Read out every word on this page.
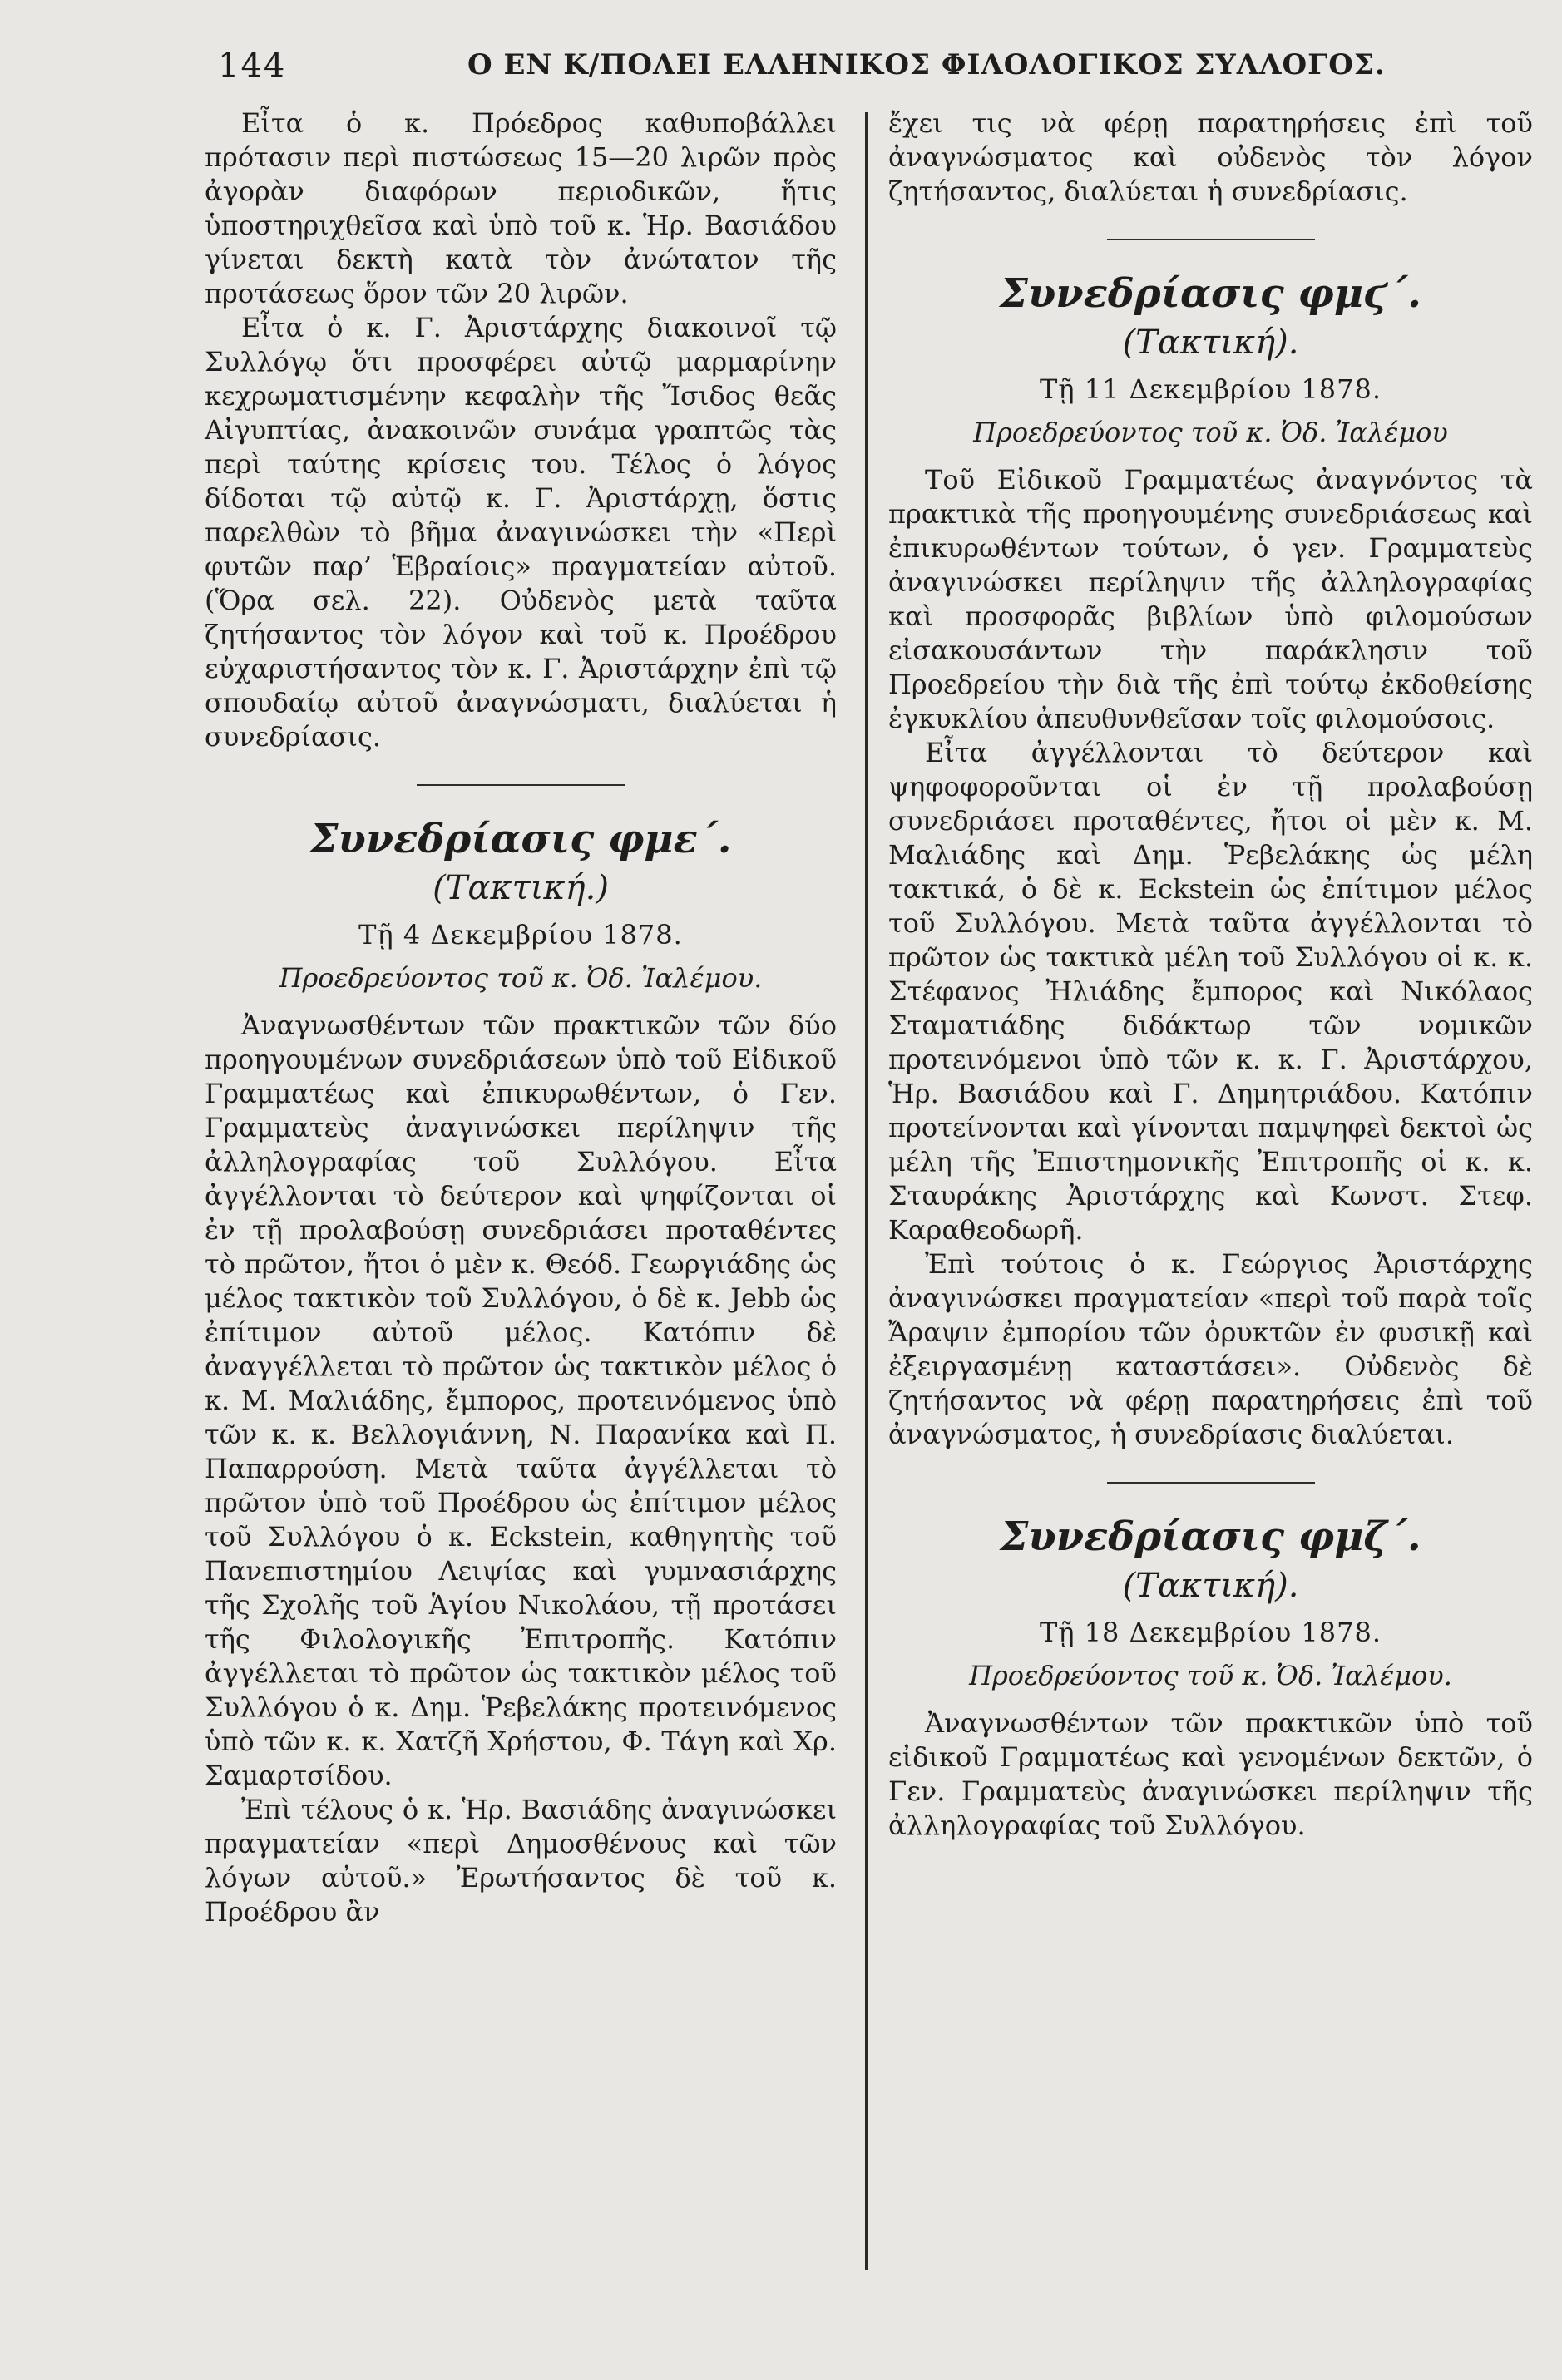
144	Ο ΕΝ Κ/ΠΟΛΕΙ ΕΛΛΗΝΙΚΟΣ ΦΙΛΟΛΟΓΙΚΟΣ ΣΥΛΛΟΓΟΣ.

Εἶτα ὁ κ. Πρόεδρος καθυποβάλλει πρότασιν περὶ πιστώσεως 15—20 λιρῶν πρὸς ἀγορὰν διαφόρων περιοδικῶν, ἥτις ὑποστηριχθεῖσα καὶ ὑπὸ τοῦ κ. Ἡρ. Βασιάδου γίνεται δεκτὴ κατὰ τὸν ἀνώτατον τῆς προτάσεως ὅρον τῶν 20 λιρῶν.

Εἶτα ὁ κ. Γ. Ἀριστάρχης διακοινοῖ τῷ Συλλόγῳ ὅτι προσφέρει αὐτῷ μαρμαρίνην κεχρωματισμένην κεφαλὴν τῆς Ἴσιδος θεᾶς Αἰγυπτίας, ἀνακοινῶν συνάμα γραπτῶς τὰς περὶ ταύτης κρίσεις του. Τέλος ὁ λόγος δίδοται τῷ αὐτῷ κ. Γ. Ἀριστάρχῃ, ὅστις παρελθὼν τὸ βῆμα ἀναγινώσκει τὴν «Περὶ φυτῶν παρ’ Ἑβραίοις» πραγματείαν αὐτοῦ. (Ὅρα σελ. 22). Οὐδενὸς μετὰ ταῦτα ζητήσαντος τὸν λόγον καὶ τοῦ κ. Προέδρου εὐχαριστήσαντος τὸν κ. Γ. Ἀριστάρχην ἐπὶ τῷ σπουδαίῳ αὐτοῦ ἀναγνώσματι, διαλύεται ἡ συνεδρίασις.

Συνεδρίασις φμε΄.
(Τακτική.)
Τῇ 4 Δεκεμβρίου 1878.
Προεδρεύοντος τοῦ κ. Ὀδ. Ἰαλέμου.

Ἀναγνωσθέντων τῶν πρακτικῶν τῶν δύο προηγουμένων συνεδριάσεων ὑπὸ τοῦ Εἰδικοῦ Γραμματέως καὶ ἐπικυρωθέντων, ὁ Γεν. Γραμματεὺς ἀναγινώσκει περίληψιν τῆς ἀλληλογραφίας τοῦ Συλλόγου. Εἶτα ἀγγέλλονται τὸ δεύτερον καὶ ψηφίζονται οἱ ἐν τῇ προλαβούσῃ συνεδριάσει προταθέντες τὸ πρῶτον, ἤτοι ὁ μὲν κ. Θεόδ. Γεωργιάδης ὡς μέλος τακτικὸν τοῦ Συλλόγου, ὁ δὲ κ. Jebb ὡς ἐπίτιμον αὐτοῦ μέλος. Κατόπιν δὲ ἀναγγέλλεται τὸ πρῶτον ὡς τακτικὸν μέλος ὁ κ. Μ. Μαλιάδης, ἔμπορος, προτεινόμενος ὑπὸ τῶν κ. κ. Βελλογιάννη, Ν. Παρανίκα καὶ Π. Παπαρρούση. Μετὰ ταῦτα ἀγγέλλεται τὸ πρῶτον ὑπὸ τοῦ Προέδρου ὡς ἐπίτιμον μέλος τοῦ Συλλόγου ὁ κ. Eckstein, καθηγητὴς τοῦ Πανεπιστημίου Λειψίας καὶ γυμνασιάρχης τῆς Σχολῆς τοῦ Ἁγίου Νικολάου, τῇ προτάσει τῆς Φιλολογικῆς Ἐπιτροπῆς. Κατόπιν ἀγγέλλεται τὸ πρῶτον ὡς τακτικὸν μέλος τοῦ Συλλόγου ὁ κ. Δημ. Ῥεβελάκης προτεινόμενος ὑπὸ τῶν κ. κ. Χατζῆ Χρήστου, Φ. Τάγη καὶ Χρ. Σαμαρτσίδου.

Ἐπὶ τέλους ὁ κ. Ἡρ. Βασιάδης ἀναγινώσκει πραγματείαν «περὶ Δημοσθένους καὶ τῶν λόγων αὐτοῦ.» Ἐρωτήσαντος δὲ τοῦ κ. Προέδρου ἂν

ἔχει τις νὰ φέρῃ παρατηρήσεις ἐπὶ τοῦ ἀναγνώσματος καὶ οὐδενὸς τὸν λόγον ζητήσαντος, διαλύεται ἡ συνεδρίασις.

Συνεδρίασις φμϛ΄.
(Τακτική).
Τῇ 11 Δεκεμβρίου 1878.
Προεδρεύοντος τοῦ κ. Ὀδ. Ἰαλέμου

Τοῦ Εἰδικοῦ Γραμματέως ἀναγνόντος τὰ πρακτικὰ τῆς προηγουμένης συνεδριάσεως καὶ ἐπικυρωθέντων τούτων, ὁ γεν. Γραμματεὺς ἀναγινώσκει περίληψιν τῆς ἀλληλογραφίας καὶ προσφορᾶς βιβλίων ὑπὸ φιλομούσων εἰσακουσάντων τὴν παράκλησιν τοῦ Προεδρείου τὴν διὰ τῆς ἐπὶ τούτῳ ἐκδοθείσης ἐγκυκλίου ἀπευθυνθεῖσαν τοῖς φιλομούσοις.

Εἶτα ἀγγέλλονται τὸ δεύτερον καὶ ψηφοφοροῦνται οἱ ἐν τῇ προλαβούσῃ συνεδριάσει προταθέντες, ἤτοι οἱ μὲν κ. Μ. Μαλιάδης καὶ Δημ. Ῥεβελάκης ὡς μέλη τακτικά, ὁ δὲ κ. Eckstein ὡς ἐπίτιμον μέλος τοῦ Συλλόγου. Μετὰ ταῦτα ἀγγέλλονται τὸ πρῶτον ὡς τακτικὰ μέλη τοῦ Συλλόγου οἱ κ. κ. Στέφανος Ἠλιάδης ἔμπορος καὶ Νικόλαος Σταματιάδης διδάκτωρ τῶν νομικῶν προτεινόμενοι ὑπὸ τῶν κ. κ. Γ. Ἀριστάρχου, Ἡρ. Βασιάδου καὶ Γ. Δημητριάδου. Κατόπιν προτείνονται καὶ γίνονται παμψηφεὶ δεκτοὶ ὡς μέλη τῆς Ἐπιστημονικῆς Ἐπιτροπῆς οἱ κ. κ. Σταυράκης Ἀριστάρχης καὶ Κωνστ. Στεφ. Καραθεοδωρῆ.

Ἐπὶ τούτοις ὁ κ. Γεώργιος Ἀριστάρχης ἀναγινώσκει πραγματείαν «περὶ τοῦ παρὰ τοῖς Ἄραψιν ἐμπορίου τῶν ὀρυκτῶν ἐν φυσικῇ καὶ ἐξειργασμένῃ καταστάσει». Οὐδενὸς δὲ ζητήσαντος νὰ φέρῃ παρατηρήσεις ἐπὶ τοῦ ἀναγνώσματος, ἡ συνεδρίασις διαλύεται.

Συνεδρίασις φμζ΄.
(Τακτική).
Τῇ 18 Δεκεμβρίου 1878.
Προεδρεύοντος τοῦ κ. Ὀδ. Ἰαλέμου.

Ἀναγνωσθέντων τῶν πρακτικῶν ὑπὸ τοῦ εἰδικοῦ Γραμματέως καὶ γενομένων δεκτῶν, ὁ Γεν. Γραμματεὺς ἀναγινώσκει περίληψιν τῆς ἀλληλογραφίας τοῦ Συλλόγου.
